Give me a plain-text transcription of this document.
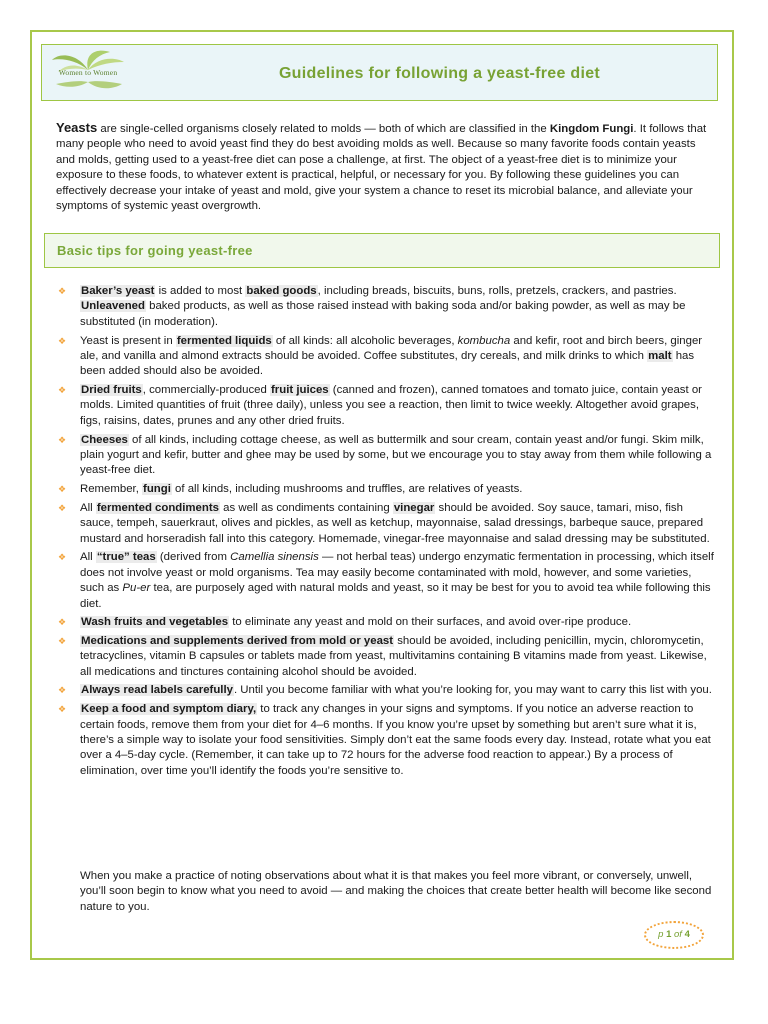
Women to Women	Guidelines for following a yeast-free diet
Yeasts are single-celled organisms closely related to molds — both of which are classified in the Kingdom Fungi. It follows that many people who need to avoid yeast find they do best avoiding molds as well. Because so many favorite foods contain yeasts and molds, getting used to a yeast-free diet can pose a challenge, at first. The object of a yeast-free diet is to minimize your exposure to these foods, to whatever extent is practical, helpful, or necessary for you. By following these guidelines you can effectively decrease your intake of yeast and mold, give your system a chance to reset its microbial balance, and alleviate your symptoms of systemic yeast overgrowth.
Basic tips for going yeast-free
❖ Baker’s yeast is added to most baked goods, including breads, biscuits, buns, rolls, pretzels, crackers, and pastries. Unleavened baked products, as well as those raised instead with baking soda and/or baking powder, as well as may be substituted (in moderation).
❖ Yeast is present in fermented liquids of all kinds: all alcoholic beverages, kombucha and kefir, root and birch beers, ginger ale, and vanilla and almond extracts should be avoided. Coffee substitutes, dry cereals, and milk drinks to which malt has been added should also be avoided.
❖ Dried fruits, commercially-produced fruit juices (canned and frozen), canned tomatoes and tomato juice, contain yeast or molds. Limited quantities of fruit (three daily), unless you see a reaction, then limit to twice weekly. Altogether avoid grapes, figs, raisins, dates, prunes and any other dried fruits.
❖ Cheeses of all kinds, including cottage cheese, as well as buttermilk and sour cream, contain yeast and/or fungi. Skim milk, plain yogurt and kefir, butter and ghee may be used by some, but we encourage you to stay away from them while following a yeast-free diet.
❖ Remember, fungi of all kinds, including mushrooms and truffles, are relatives of yeasts.
❖ All fermented condiments as well as condiments containing vinegar should be avoided. Soy sauce, tamari, miso, fish sauce, tempeh, sauerkraut, olives and pickles, as well as ketchup, mayonnaise, salad dressings, barbeque sauce, prepared mustard and horseradish fall into this category. Homemade, vinegar-free mayonnaise and salad dressing may be substituted.
❖ All “true” teas (derived from Camellia sinensis — not herbal teas) undergo enzymatic fermentation in processing, which itself does not involve yeast or mold organisms. Tea may easily become contaminated with mold, however, and some varieties, such as Pu-er tea, are purposely aged with natural molds and yeast, so it may be best for you to avoid tea while following this diet.
❖ Wash fruits and vegetables to eliminate any yeast and mold on their surfaces, and avoid over-ripe produce.
❖ Medications and supplements derived from mold or yeast should be avoided, including penicillin, mycin, chloromycetin, tetracyclines, vitamin B capsules or tablets made from yeast, multivitamins containing B vitamins made from yeast. Likewise, all medications and tinctures containing alcohol should be avoided.
❖ Always read labels carefully. Until you become familiar with what you’re looking for, you may want to carry this list with you.
❖ Keep a food and symptom diary, to track any changes in your signs and symptoms. If you notice an adverse reaction to certain foods, remove them from your diet for 4–6 months. If you know you’re upset by something but aren’t sure what it is, there’s a simple way to isolate your food sensitivities. Simply don’t eat the same foods every day. Instead, rotate what you eat over a 4–5-day cycle. (Remember, it can take up to 72 hours for the adverse food reaction to appear.) By a process of elimination, over time you’ll identify the foods you’re sensitive to.
When you make a practice of noting observations about what it is that makes you feel more vibrant, or conversely, unwell, you’ll soon begin to know what you need to avoid — and making the choices that create better health will become like second nature to you.
p 1 of 4
